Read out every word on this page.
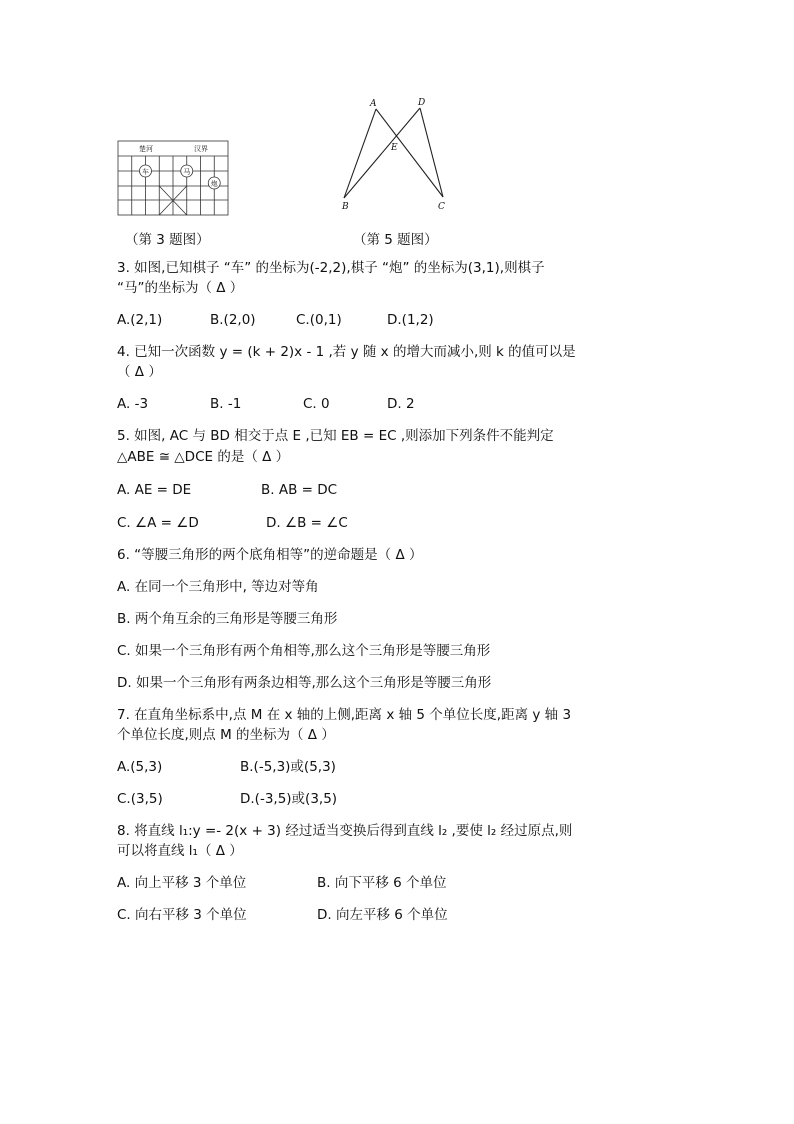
楚河	汉界
车	马
炮
A	D
E
B	C
（第 3 题图）	（第 5 题图）
3. 如图,已知棋子 “车” 的坐标为(-2,2),棋子 “炮” 的坐标为(3,1),则棋子
“马”的坐标为（ Δ ）
A.(2,1)	B.(2,0)	C.(0,1)	D.(1,2)
4. 已知一次函数 y = (k + 2)x - 1 ,若 y 随 x 的增大而减小,则 k 的值可以是
（ Δ ）
A. -3	B. -1	C. 0	D. 2
5. 如图, AC 与 BD 相交于点 E ,已知 EB = EC ,则添加下列条件不能判定
△ABE ≅ △DCE 的是（ Δ ）
A. AE = DE	B. AB = DC
C. ∠A = ∠D	D. ∠B = ∠C
6. “等腰三角形的两个底角相等”的逆命题是（ Δ ）
A. 在同一个三角形中, 等边对等角
B. 两个角互余的三角形是等腰三角形
C. 如果一个三角形有两个角相等,那么这个三角形是等腰三角形
D. 如果一个三角形有两条边相等,那么这个三角形是等腰三角形
7. 在直角坐标系中,点 M 在 x 轴的上侧,距离 x 轴 5 个单位长度,距离 y 轴 3
个单位长度,则点 M 的坐标为（ Δ ）
A.(5,3)	B.(-5,3)或(5,3)
C.(3,5)	D.(-3,5)或(3,5)
8. 将直线 l₁:y =- 2(x + 3) 经过适当变换后得到直线 l₂ ,要使 l₂ 经过原点,则
可以将直线 l₁（ Δ ）
A. 向上平移 3 个单位	B. 向下平移 6 个单位
C. 向右平移 3 个单位	D. 向左平移 6 个单位
